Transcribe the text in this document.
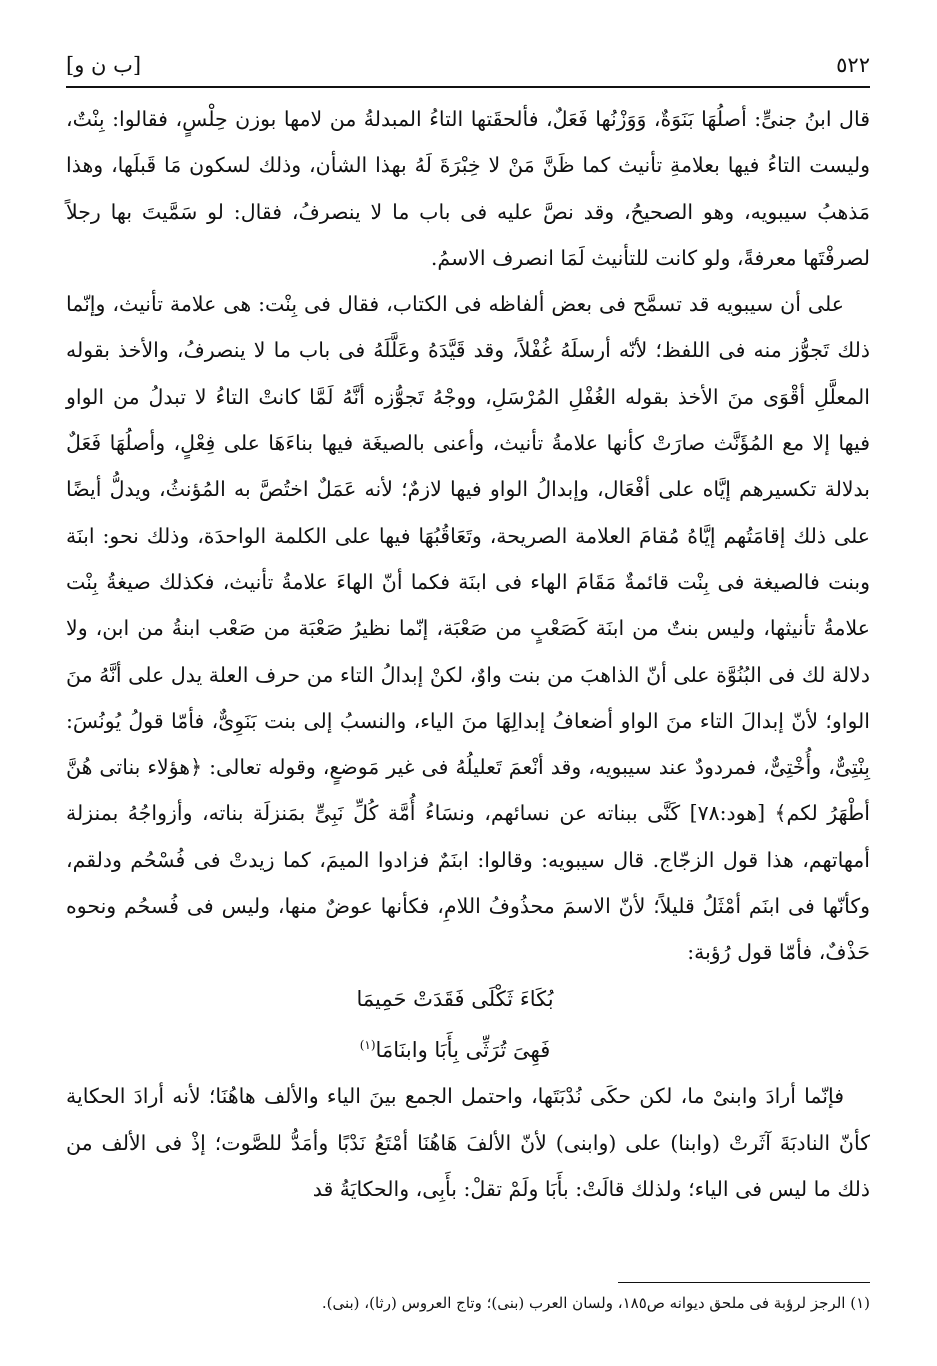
٥٢٢
[ب ن و]

قال ابنُ جنىٍّ: أصلُهَا بَنَوَةٌ، وَوَزْنُها فَعَلٌ، فألحقَتها التاءُ المبدلةُ من لامها بوزن حِلْسٍ، فقالوا: بِنْتٌ، وليست التاءُ فيها بعلامةِ تأنيث كما ظَنَّ مَنْ لا خِبْرَةَ لَهُ بهذا الشأن، وذلك لسكون مَا قَبلَها، وهذا مَذهبُ سيبويه، وهو الصحيحُ، وقد نصَّ عليه فى باب ما لا ينصرفُ، فقال: لو سَمَّيتَ بها رجلاً لصرفْتَها معرفةً، ولو كانت للتأنيث لَمَا انصرف الاسمُ.

على أن سيبويه قد تسمَّح فى بعض ألفاظه فى الكتاب، فقال فى بِنْت: هى علامة تأنيث، وإنّما ذلك تَجوُّز منه فى اللفظ؛ لأنّه أرسلَهُ غُفْلاً، وقد قَيَّدَهُ وعَلَّلَهُ فى باب ما لا ينصرفُ، والأخذ بقوله المعلَّلِ أقْوَى منَ الأخذ بقوله الغُفْلِ المُرْسَلِ، ووجْهُ تَجوُّزه أنَّهُ لَمَّا كانتْ التاءُ لا تبدلُ من الواو فيها إلا مع المُؤَنَّث صارَتْ كأنها علامةُ تأنيث، وأعنى بالصيغَة فيها بناءَهَا على فِعْلٍ، وأصلُهَا فَعَلٌ بدلالة تكسيرهم إيَّاه على أفْعَال، وإبدالُ الواو فيها لازمٌ؛ لأنه عَمَلٌ اختُصَّ به المُؤنثُ، ويدلُّ أيضًا على ذلك إقامَتُهم إيَّاهُ مُقامَ العلامة الصريحة، وتَعَاقُبُهَا فيها على الكلمة الواحدَة، وذلك نحو: ابنَة وبنت فالصيغة فى بِنْت قائمةٌ مَقَامَ الهاء فى ابنَة فكما أنّ الهاءَ علامةُ تأنيث، فكذلك صيغةُ بِنْت علامةُ تأنيثها، وليس بنتٌ من ابنَة كَصَعْبٍ من صَعْبَة، إنّما نظيرُ صَعْبَة من صَعْب ابنةُ من ابن، ولا دلالة لك فى البُنُوَّة على أنّ الذاهبَ من بنت واوٌ، لكنْ إبدالُ التاء من حرف العلة يدل على أنَّهُ منَ الواو؛ لأنّ إبدالَ التاء منَ الواو أضعافُ إبدالِهَا منَ الياء، والنسبُ إلى بنت بَنَوِىٌّ، فأمّا قولُ يُونُسَ: بِنْتِىٌّ، وأُخْتِىٌّ، فمردودٌ عند سيبويه، وقد أنْعمَ تَعليلُهُ فى غير مَوضعٍ، وقوله تعالى: ﴿هؤلاء بناتى هُنَّ أطْهَرُ لكم﴾ [هود:٧٨] كَنَّى ببناته عن نسائهم، ونسَاءُ أُمَّة كُلِّ نَبِىٍّ بمَنزلَة بناته، وأزواجُهُ بمنزلة أمهاتهم، هذا قول الزجّاج. قال سيبويه: وقالوا: ابنَمٌ فزادوا الميمَ، كما زيدتْ فى فُسْحُم ودلقم، وكأنّها فى ابنَم أمْثَلُ قليلاً؛ لأنّ الاسمَ محذُوفُ اللامِ، فكأنها عوضٌ منها، وليس فى فُسحُم ونحوه حَذْفٌ، فأمّا قول رُؤبة:

بُكَاءَ ثَكْلَى فَقَدَتْ حَمِيمَا

فَهِىَ تُرَثِّى بِأَبَا وابنَامَا$^{(١)}$

فإنّما أرادَ وابنىْ ما، لكن حكَى نُدْبَتَها، واحتمل الجمع بينَ الياء والألف هاهُنَا؛ لأنه أرادَ الحكاية كأنّ النادبَةَ آثَرتْ (وابنا) على (وابنى) لأنّ الألفَ هَاهُنَا أمْتَعُ نَدْبًا وأمَدُّ للصَّوت؛ إذْ فى الألف من ذلك ما ليس فى الياء؛ ولذلك قالَتْ: بأَبَا ولَمْ تقلْ: بأَبِى، والحكايَةُ قد

(١) الرجز لرؤبة فى ملحق ديوانه ص١٨٥، ولسان العرب (بنى)؛ وتاج العروس (رثا)، (بنى).
